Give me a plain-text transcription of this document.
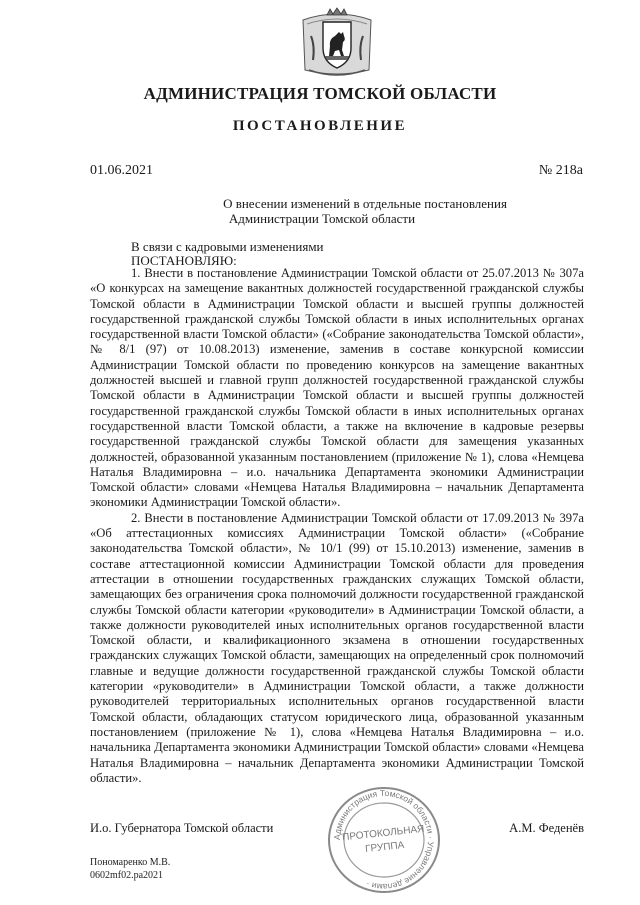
АДМИНИСТРАЦИЯ ТОМСКОЙ ОБЛАСТИ
ПОСТАНОВЛЕНИЕ
01.06.2021	№ 218а
О внесении изменений в отдельные постановления
Администрации Томской области
В связи с кадровыми изменениями
ПОСТАНОВЛЯЮ:

1. Внести в постановление Администрации Томской области от 25.07.2013 № 307а «О конкурсах на замещение вакантных должностей государственной гражданской службы Томской области в Администрации Томской области и высшей группы должностей государственной гражданской службы Томской области в иных исполнительных органах государственной власти Томской области» («Собрание законодательства Томской области», № 8/1 (97) от 10.08.2013) изменение, заменив в составе конкурсной комиссии Администрации Томской области по проведению конкурсов на замещение вакантных должностей высшей и главной групп должностей государственной гражданской службы Томской области в Администрации Томской области и высшей группы должностей государственной гражданской службы Томской области в иных исполнительных органах государственной власти Томской области, а также на включение в кадровые резервы государственной гражданской службы Томской области для замещения указанных должностей, образованной указанным постановлением (приложение № 1), слова «Немцева Наталья Владимировна – и.о. начальника Департамента экономики Администрации Томской области» словами «Немцева Наталья Владимировна – начальник Департамента экономики Администрации Томской области».

2. Внести в постановление Администрации Томской области от 17.09.2013 № 397а «Об аттестационных комиссиях Администрации Томской области» («Собрание законодательства Томской области», № 10/1 (99) от 15.10.2013) изменение, заменив в составе аттестационной комиссии Администрации Томской области для проведения аттестации в отношении государственных гражданских служащих Томской области, замещающих без ограничения срока полномочий должности государственной гражданской службы Томской области категории «руководители» в Администрации Томской области, а также должности руководителей иных исполнительных органов государственной власти Томской области, и квалификационного экзамена в отношении государственных гражданских служащих Томской области, замещающих на определенный срок полномочий главные и ведущие должности государственной гражданской службы Томской области категории «руководители» в Администрации Томской области, а также должности руководителей территориальных исполнительных органов государственной власти Томской области, обладающих статусом юридического лица, образованной указанным постановлением (приложение № 1), слова «Немцева Наталья Владимировна – и.о. начальника Департамента экономики Администрации Томской области» словами «Немцева Наталья Владимировна – начальник Департамента экономики Администрации Томской области».

И.о. Губернатора Томской области	А.М. Феденёв
Администрация Томской области · Управление делами ·
ПРОТОКОЛЬНАЯ
ГРУППА
Пономаренко М.В.
0602mf02.ра2021
